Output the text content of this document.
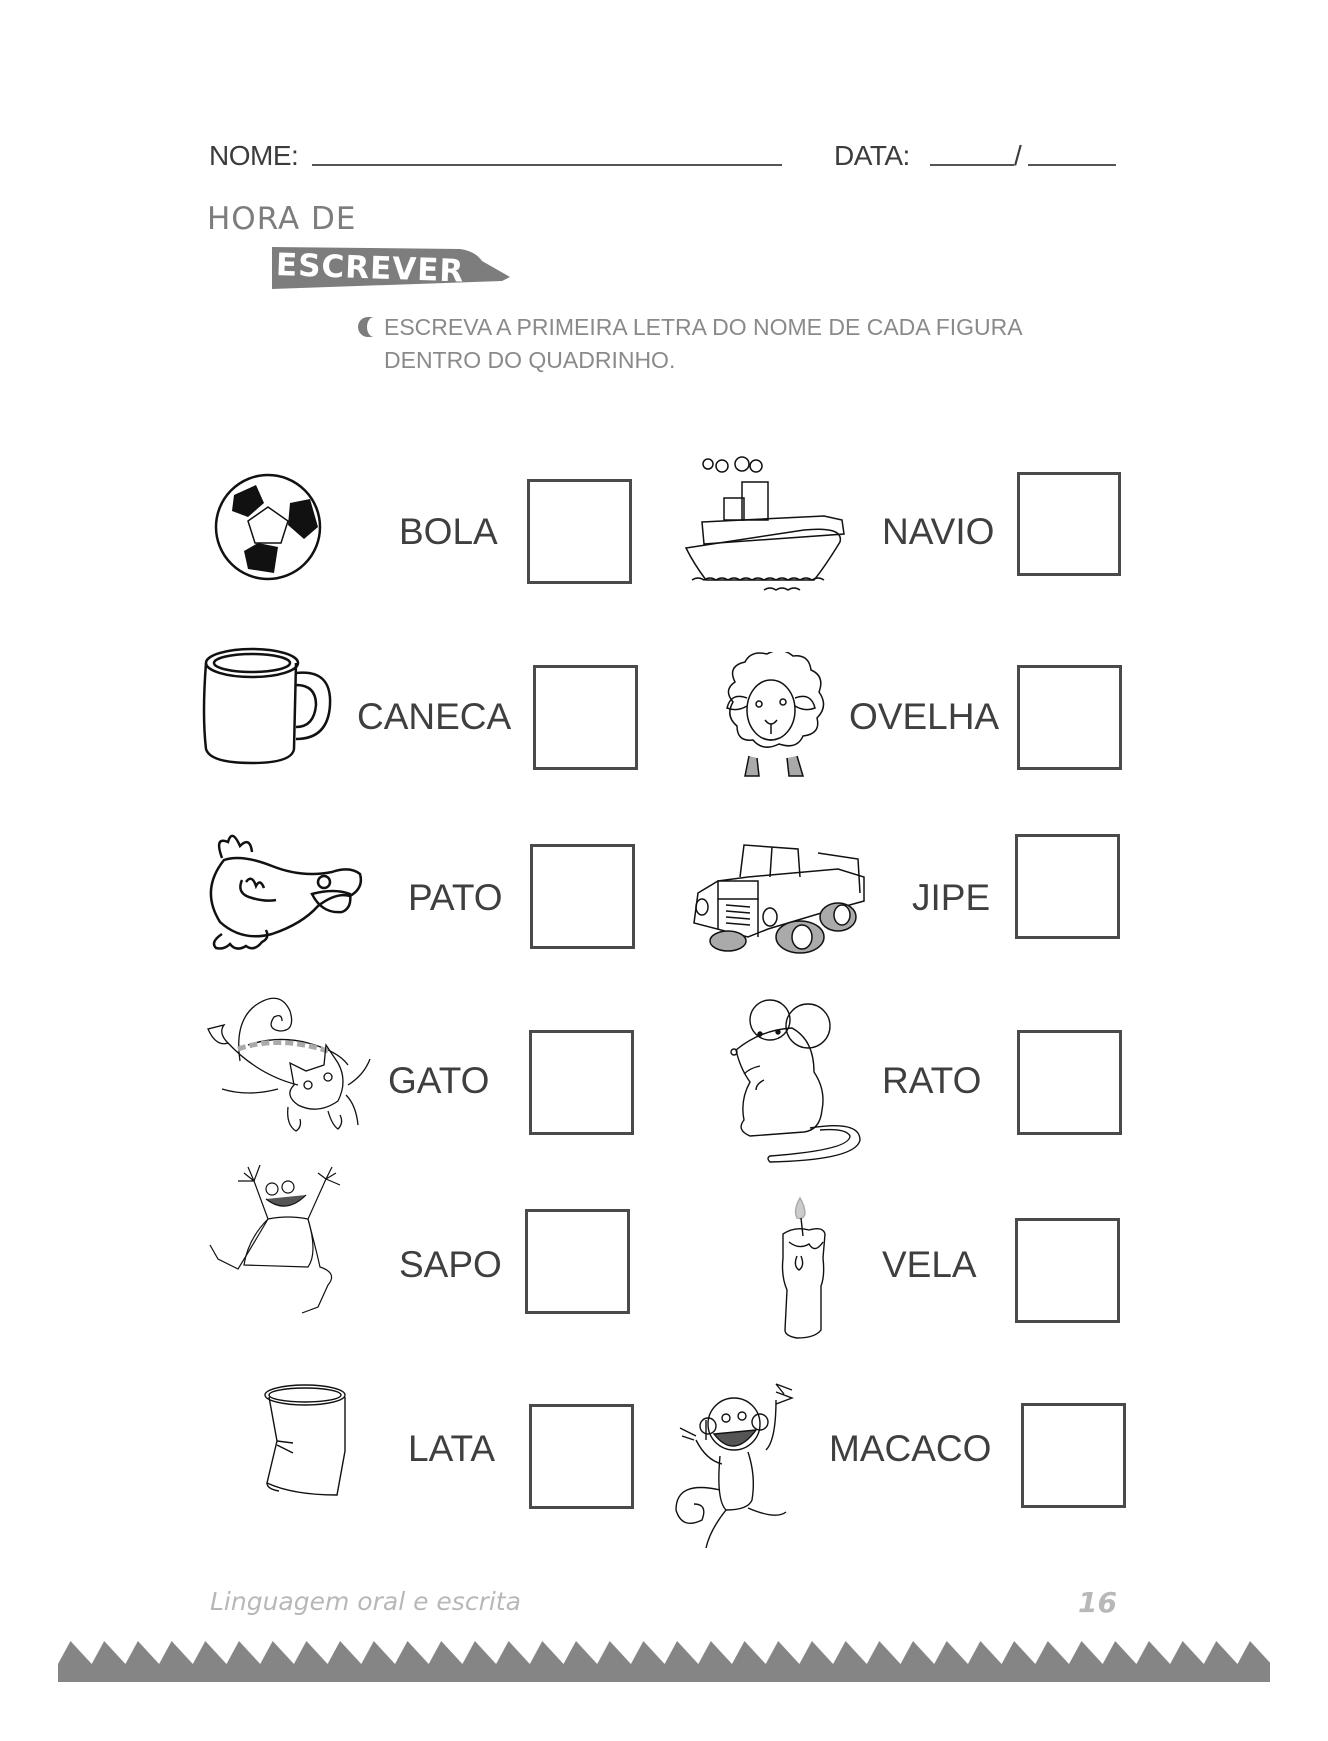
NOME:	DATA:	/
HORA DE
ESCREVER
ESCREVA A PRIMEIRA LETRA DO NOME DE CADA FIGURA
DENTRO DO QUADRINHO.
BOLA	NAVIO
CANECA	OVELHA
PATO	JIPE
GATO	RATO
SAPO	VELA
LATA	MACACO
Linguagem oral e escrita	16
